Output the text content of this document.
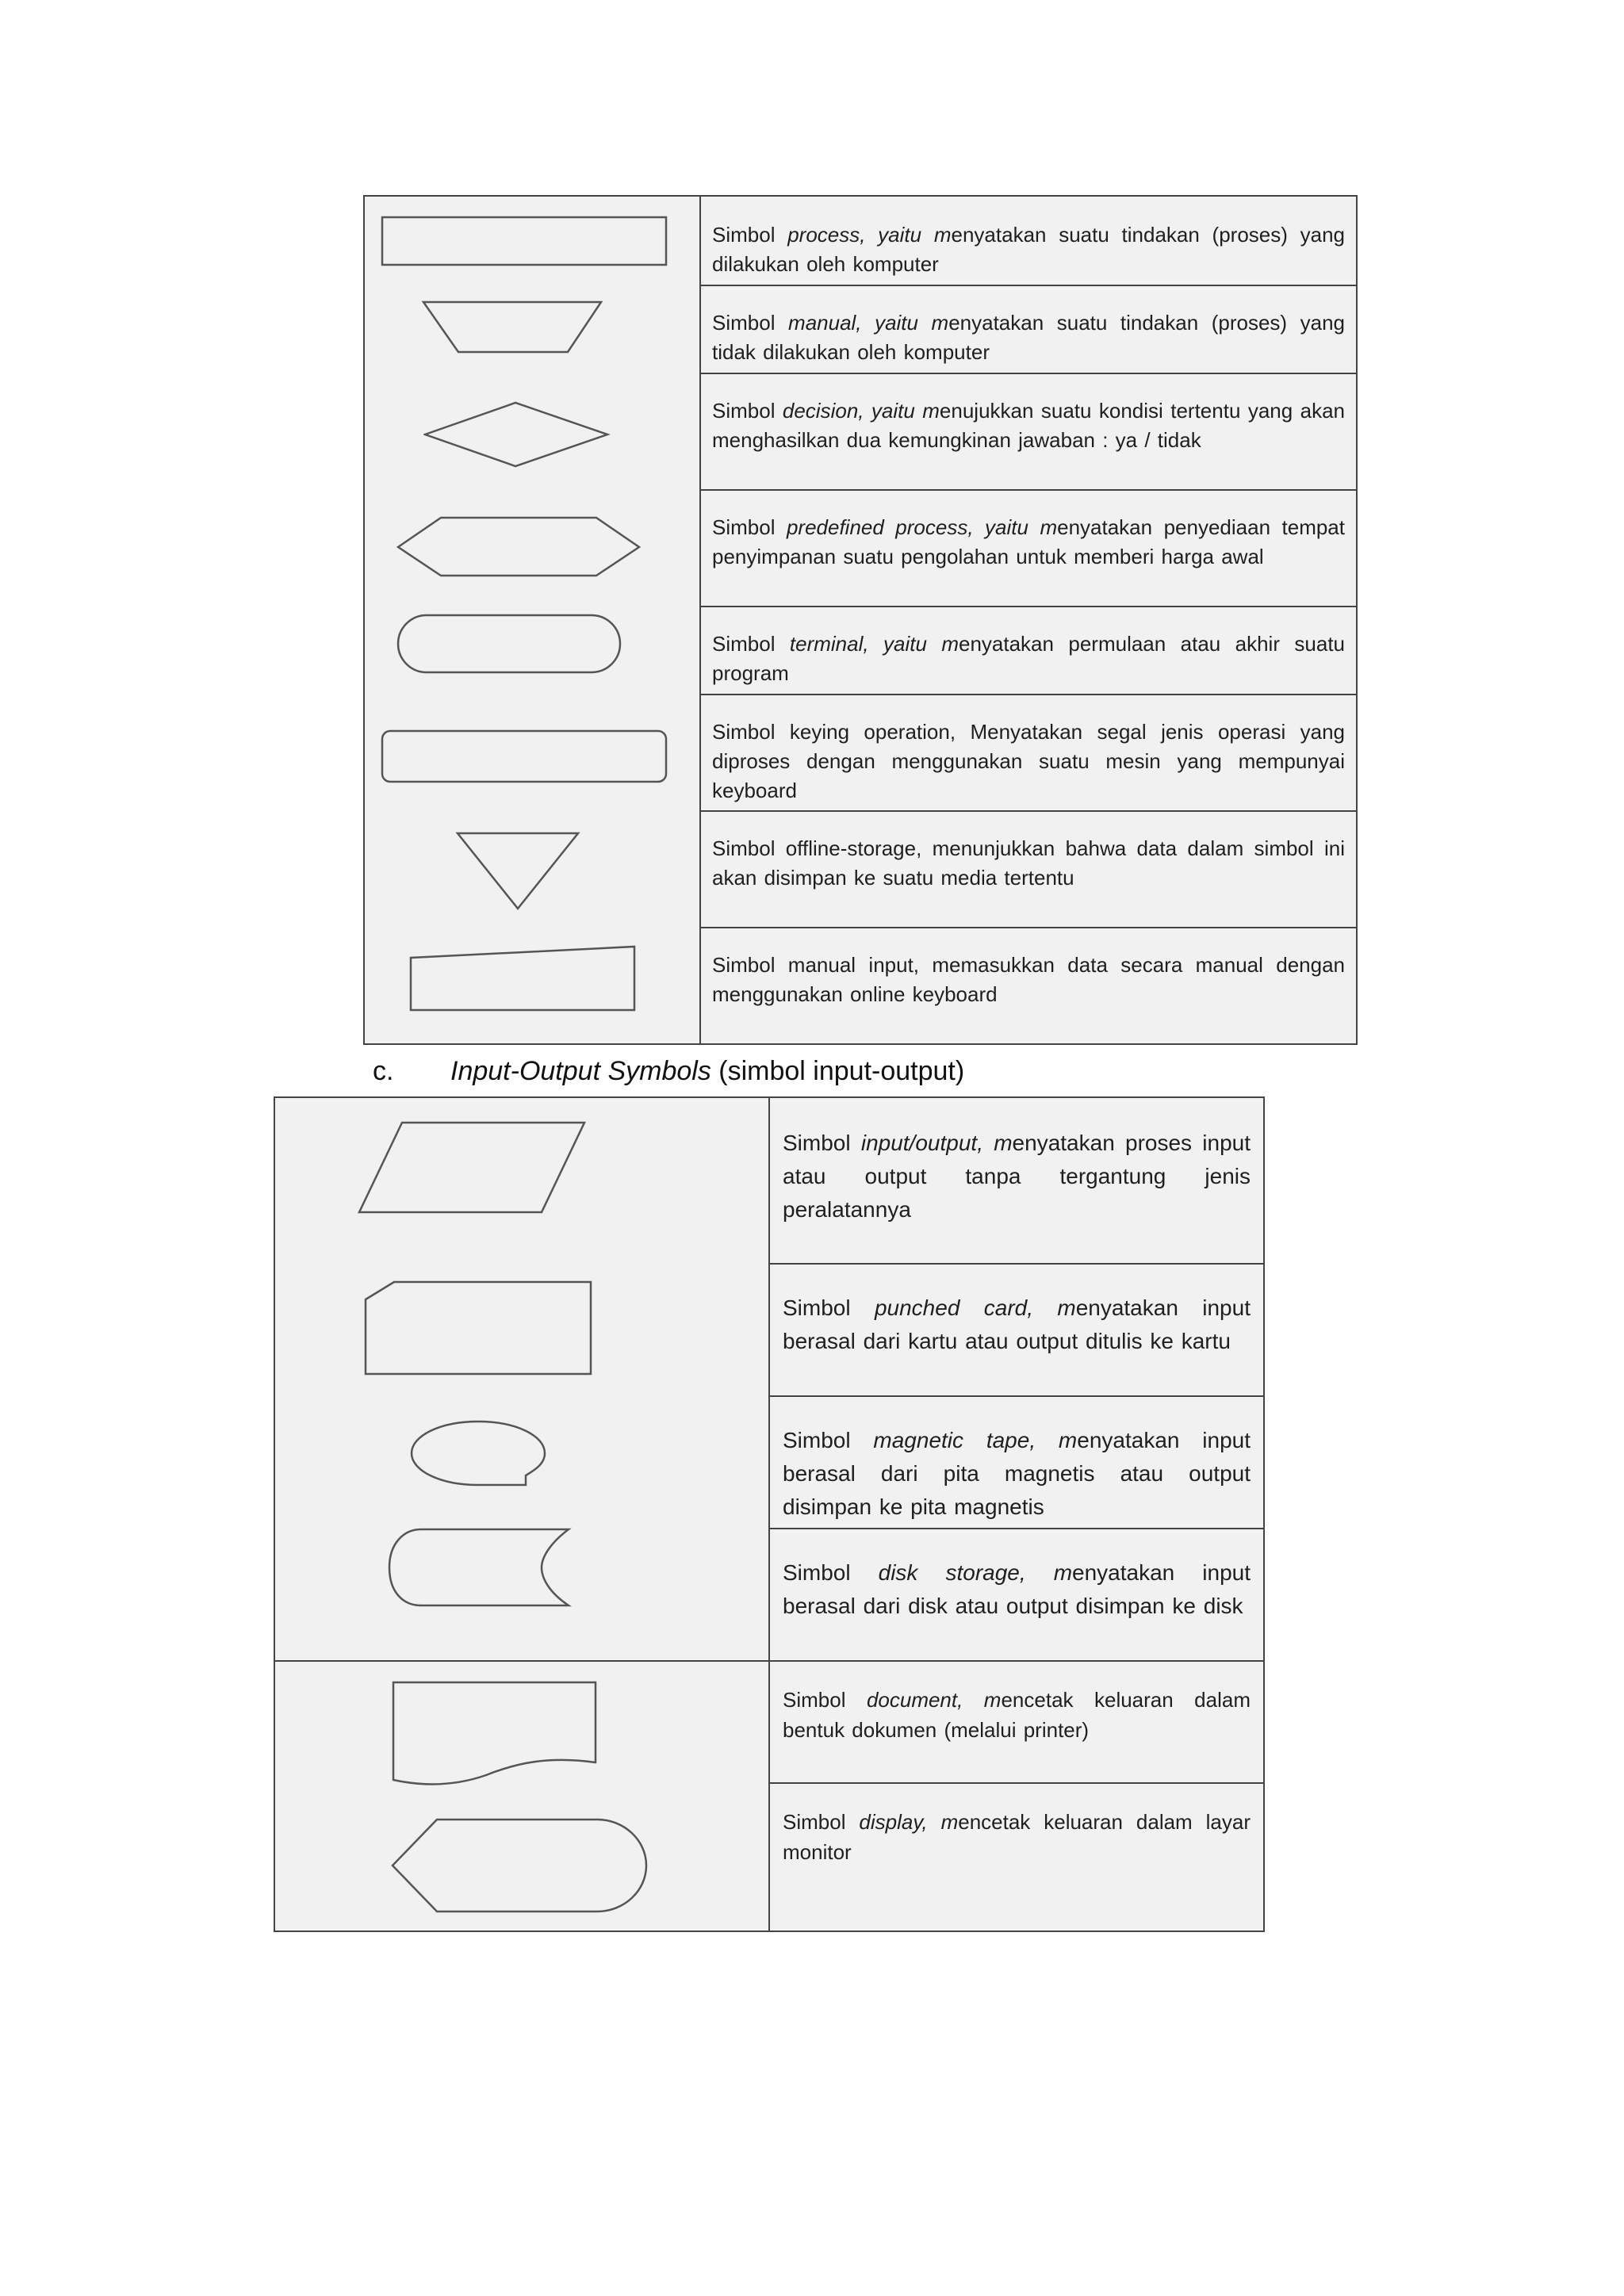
Simbol process, yaitu menyatakan suatu tindakan (proses) yang dilakukan oleh komputer
Simbol manual, yaitu menyatakan suatu tindakan (proses) yang tidak dilakukan oleh komputer
Simbol decision, yaitu menujukkan suatu kondisi tertentu yang akan menghasilkan dua kemungkinan jawaban : ya / tidak
Simbol predefined process, yaitu menyatakan penyediaan tempat penyimpanan suatu pengolahan untuk memberi harga awal
Simbol terminal, yaitu menyatakan permulaan atau akhir suatu program
Simbol keying operation, Menyatakan segal jenis operasi yang diproses dengan menggunakan suatu mesin yang mempunyai keyboard
Simbol offline-storage, menunjukkan bahwa data dalam simbol ini akan disimpan ke suatu media tertentu
Simbol manual input, memasukkan data secara manual dengan menggunakan online keyboard
c. Input-Output Symbols (simbol input-output)
Simbol input/output, menyatakan proses input atau output tanpa tergantung jenis peralatannya
Simbol punched card, menyatakan input berasal dari kartu atau output ditulis ke kartu
Simbol magnetic tape, menyatakan input berasal dari pita magnetis atau output disimpan ke pita magnetis
Simbol disk storage, menyatakan input berasal dari disk atau output disimpan ke disk
Simbol document, mencetak keluaran dalam bentuk dokumen (melalui printer)
Simbol display, mencetak keluaran dalam layar monitor
